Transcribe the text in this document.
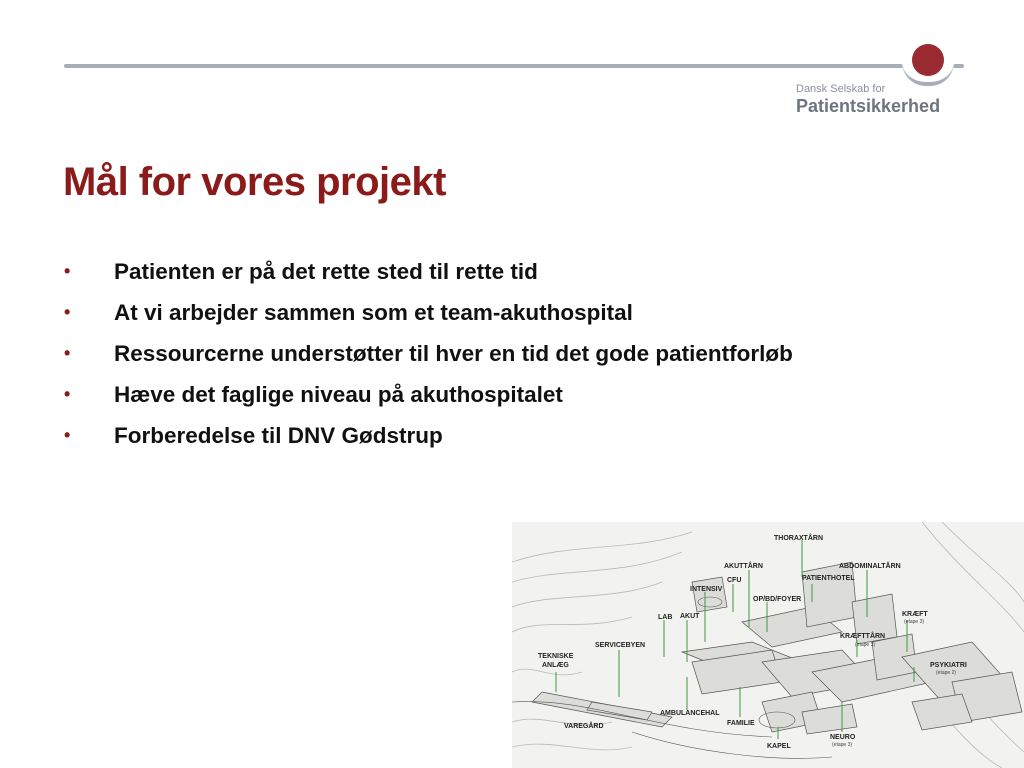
Dansk Selskab for
Patientsikkerhed
Mål for vores projekt
• Patienten er på det rette sted til rette tid
• At vi arbejder sammen som et team-akuthospital
• Ressourcerne understøtter til hver en tid det gode patientforløb
• Hæve det faglige niveau på akuthospitalet
• Forberedelse til DNV Gødstrup
THORAXTÅRN
AKUTTÅRN	ABDOMINALTÅRN
CFU	PATIENTHOTEL
INTENSIV
OP/BD/FOYER
LAB AKUT	KRÆFT
(etape 3)
KRÆFTTÅRN
(etape 3)
SERVICEBYEN
TEKNISKE
ANLÆG	PSYKIATRI
(etape 2)
AMBULANCEHAL
FAMILIE
VAREGÅRD
NEURO
(etape 3)
KAPEL
